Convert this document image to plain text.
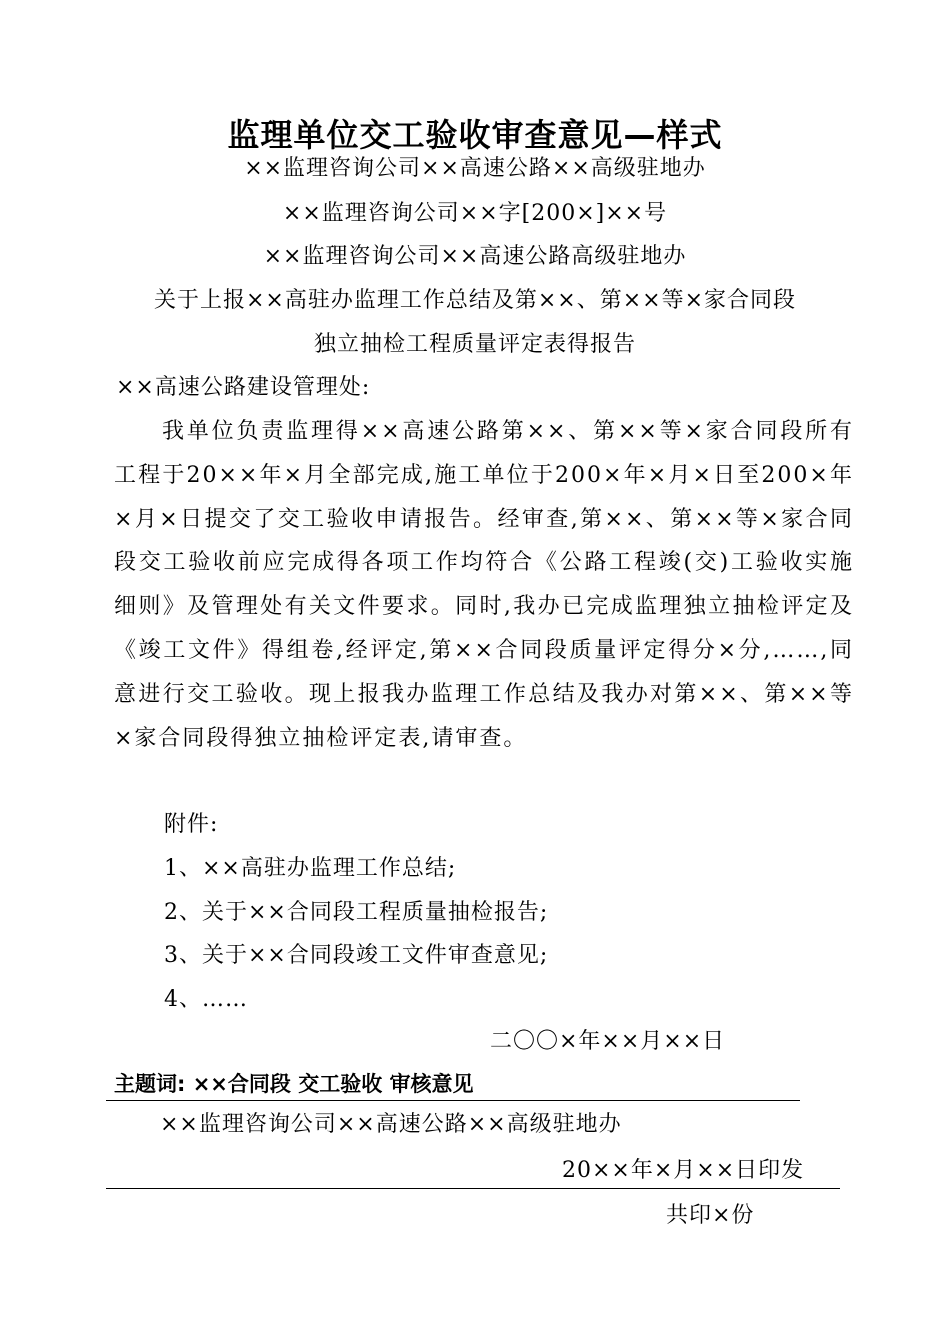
监理单位交工验收审查意见—样式
××监理咨询公司××高速公路××高级驻地办
××监理咨询公司××字[200×]××号
××监理咨询公司××高速公路高级驻地办
关于上报××高驻办监理工作总结及第××、第××等×家合同段
独立抽检工程质量评定表得报告
××高速公路建设管理处:

我单位负责监理得××高速公路第××、第××等×家合同段所有工程于20××年×月全部完成,施工单位于200×年×月×日至200×年×月×日提交了交工验收申请报告。经审查,第××、第××等×家合同段交工验收前应完成得各项工作均符合《公路工程竣(交)工验收实施细则》及管理处有关文件要求。同时,我办已完成监理独立抽检评定及《竣工文件》得组卷,经评定,第××合同段质量评定得分×分,……,同意进行交工验收。现上报我办监理工作总结及我办对第××、第××等×家合同段得独立抽检评定表,请审查。

附件:
1、××高驻办监理工作总结;
2、关于××合同段工程质量抽检报告;
3、关于××合同段竣工文件审查意见;
4、……
二〇〇×年××月××日
主题词: ××合同段 交工验收 审核意见
××监理咨询公司××高速公路××高级驻地办
20××年×月××日印发
共印×份
